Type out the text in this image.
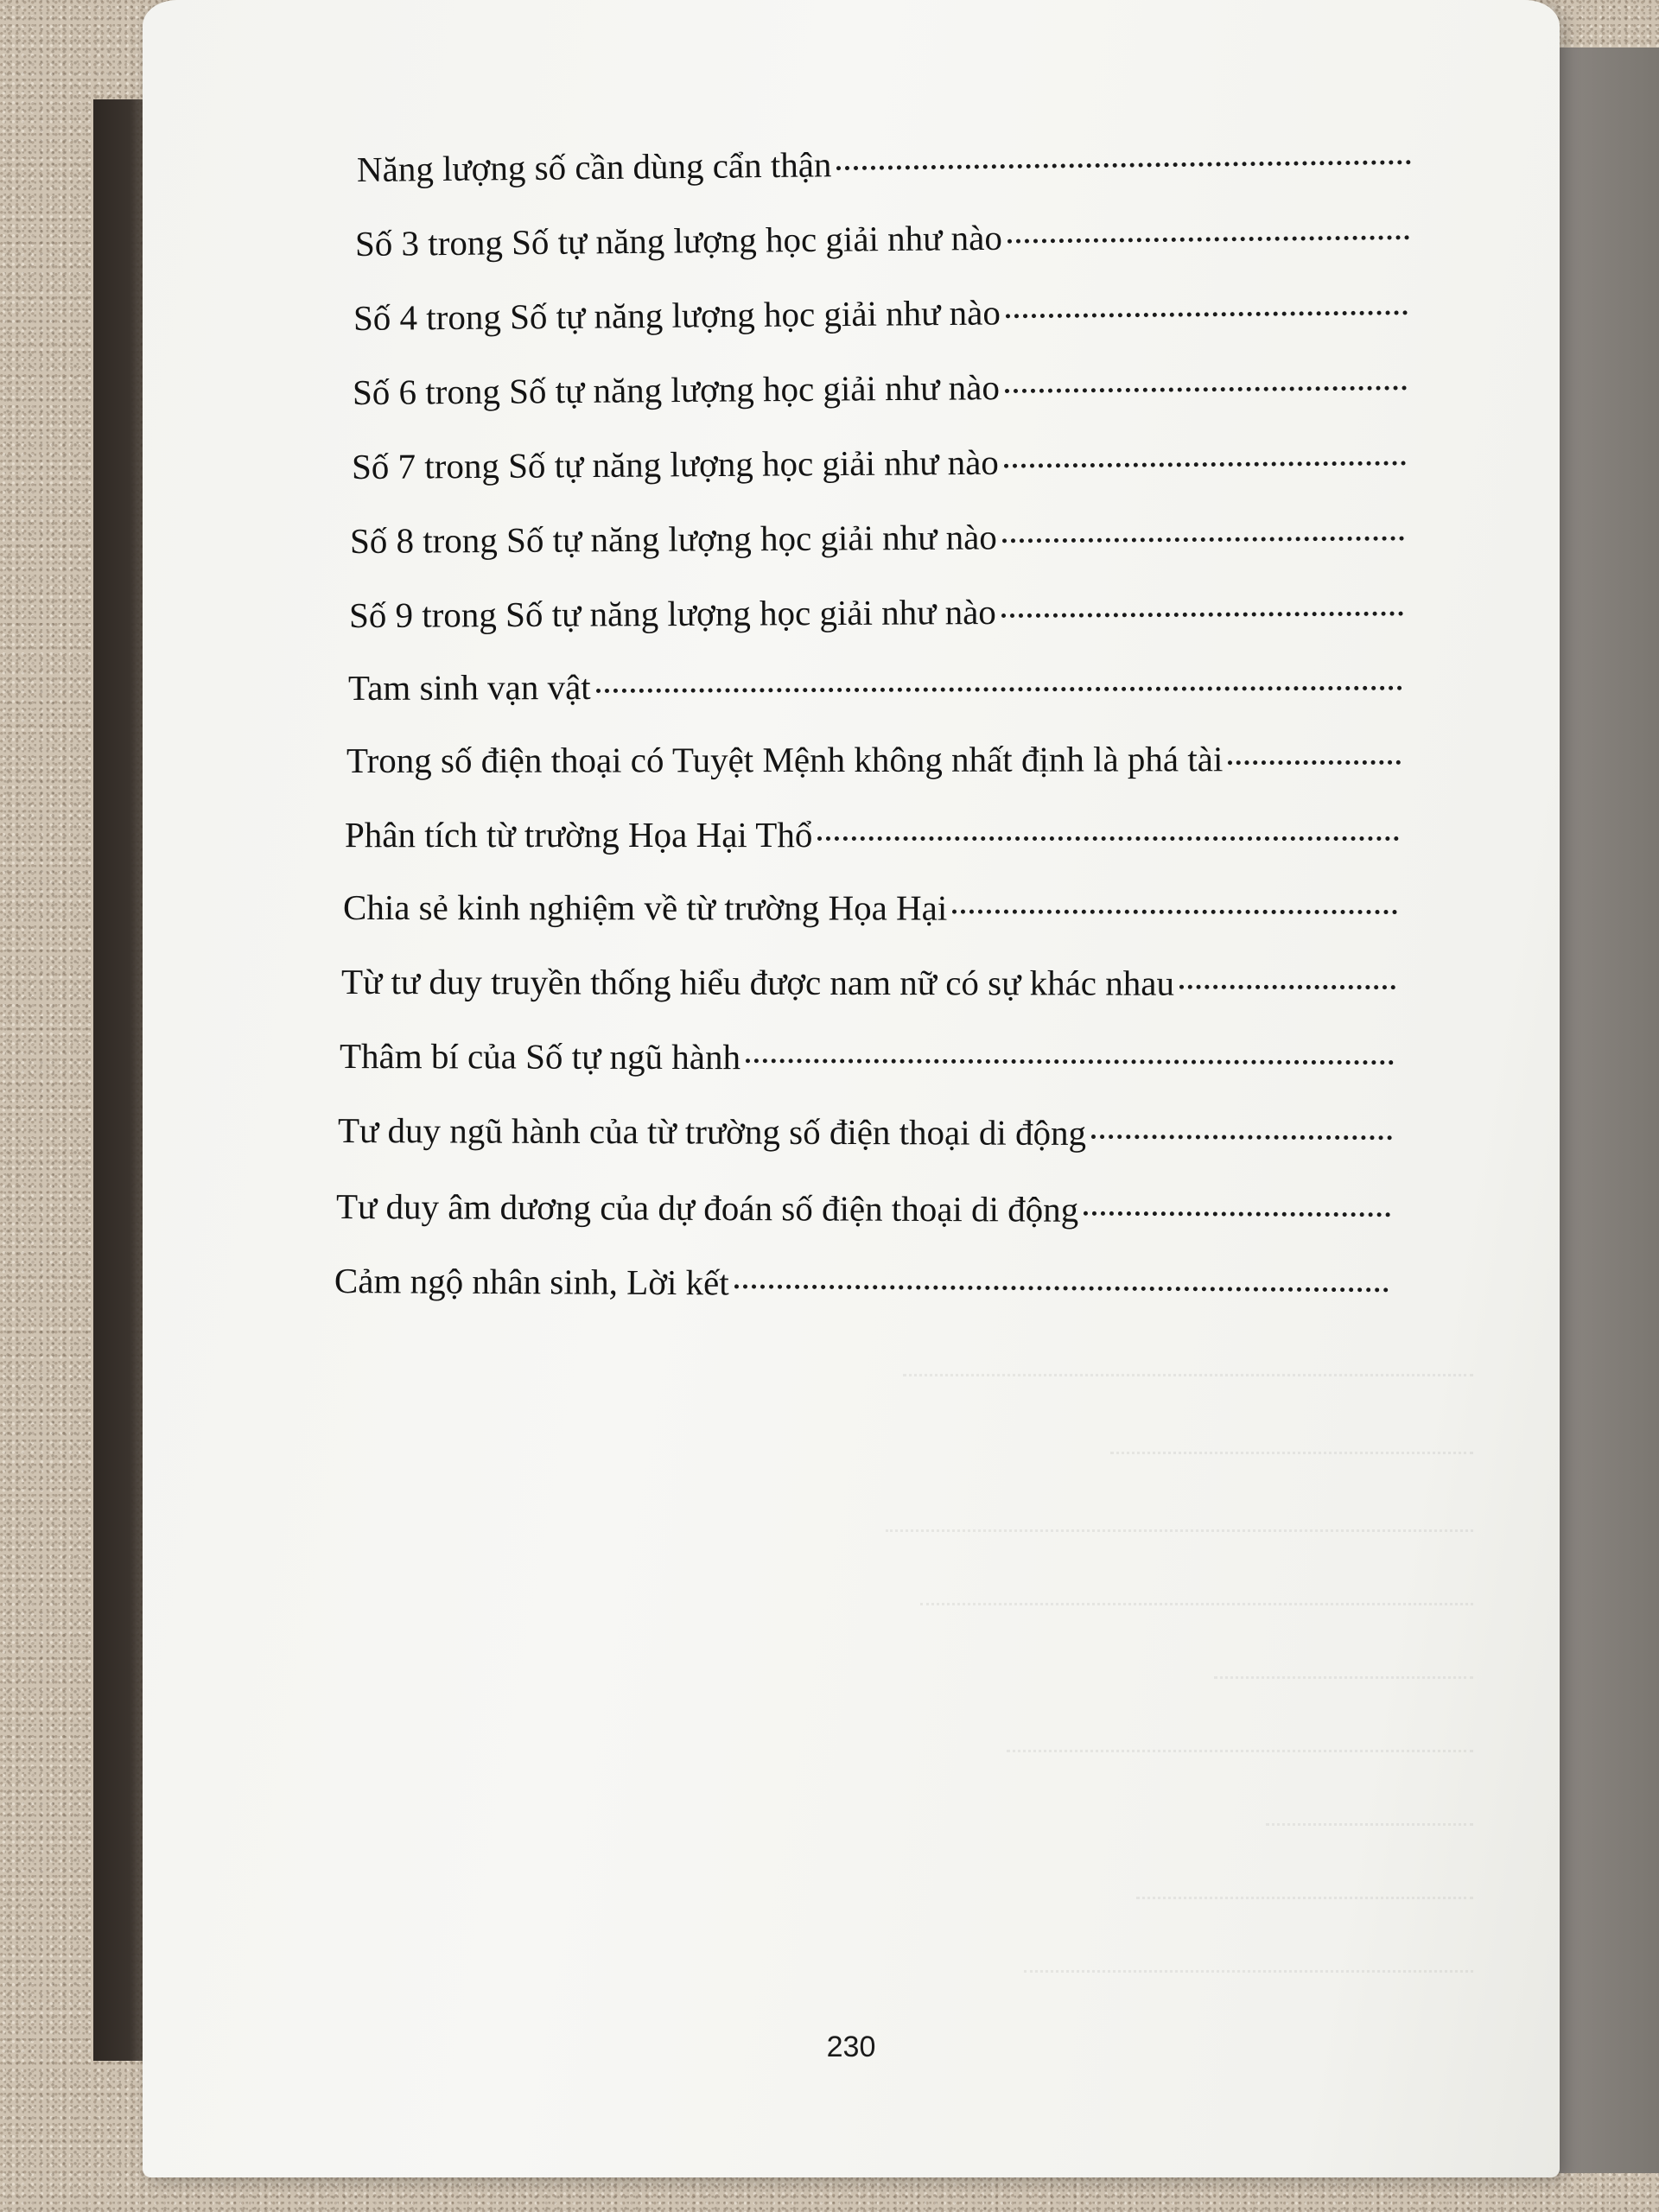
Năng lượng số cần dùng cẩn thận
Số 3 trong Số tự năng lượng học giải như nào
Số 4 trong Số tự năng lượng học giải như nào
Số 6 trong Số tự năng lượng học giải như nào
Số 7 trong Số tự năng lượng học giải như nào
Số 8 trong Số tự năng lượng học giải như nào
Số 9 trong Số tự năng lượng học giải như nào
Tam sinh vạn vật
Trong số điện thoại có Tuyệt Mệnh không nhất định là phá tài
Phân tích từ trường Họa Hại Thổ
Chia sẻ kinh nghiệm về từ trường Họa Hại
Từ tư duy truyền thống hiểu được nam nữ có sự khác nhau
Thâm bí của Số tự ngũ hành
Tư duy ngũ hành của từ trường số điện thoại di động
Tư duy âm dương của dự đoán số điện thoại di động
Cảm ngộ nhân sinh, Lời kết
230
